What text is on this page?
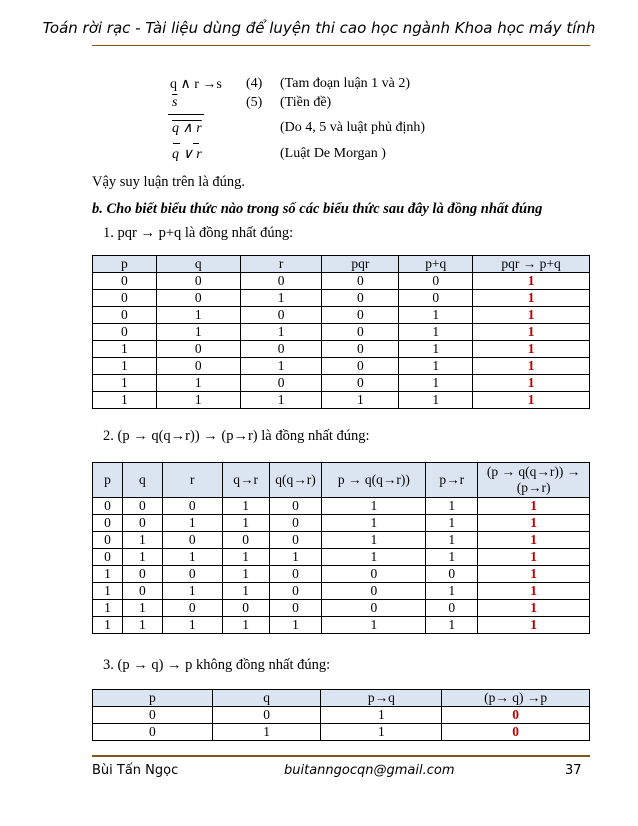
Toán rời rạc - Tài liệu dùng để luyện thi cao học ngành Khoa học máy tính
q ∧ r →s (4) (Tam đoạn luận 1 và 2)
$\overline{s}$	(5) (Tiền đề)
q ∧ r	(Do 4, 5 và luật phủ định)
q ∨ r	(Luật De Morgan )
Vậy suy luận trên là đúng.
b. Cho biết biểu thức nào trong số các biểu thức sau đây là đồng nhất đúng
1. pqr → p+q là đồng nhất đúng:
p	q	r	pqr	p+q	pqr → p+q
0	0	0	0	0	1
0	0	1	0	0	1
0	1	0	0	1	1
0	1	1	0	1	1
1	0	0	0	1	1
1	0	1	0	1	1
1	1	0	0	1	1
1	1	1	1	1	1
2. (p → q(q→r)) → (p→r) là đồng nhất đúng:
p	q	r	q→r	q(q→r)	p → q(q→r))	p→r	(p → q(q→r)) → (p→r)
0	0	0	1	0	1	1	1
0	0	1	1	0	1	1	1
0	1	0	0	0	1	1	1
0	1	1	1	1	1	1	1
1	0	0	1	0	0	0	1
1	0	1	1	0	0	1	1
1	1	0	0	0	0	0	1
1	1	1	1	1	1	1	1
3. (p → q) → p không đồng nhất đúng:
p	q	p→q	(p→ q) →p
0	0	1	0
0	1	1	0
Bùi Tấn Ngọc	buitanngocqn@gmail.com	37
